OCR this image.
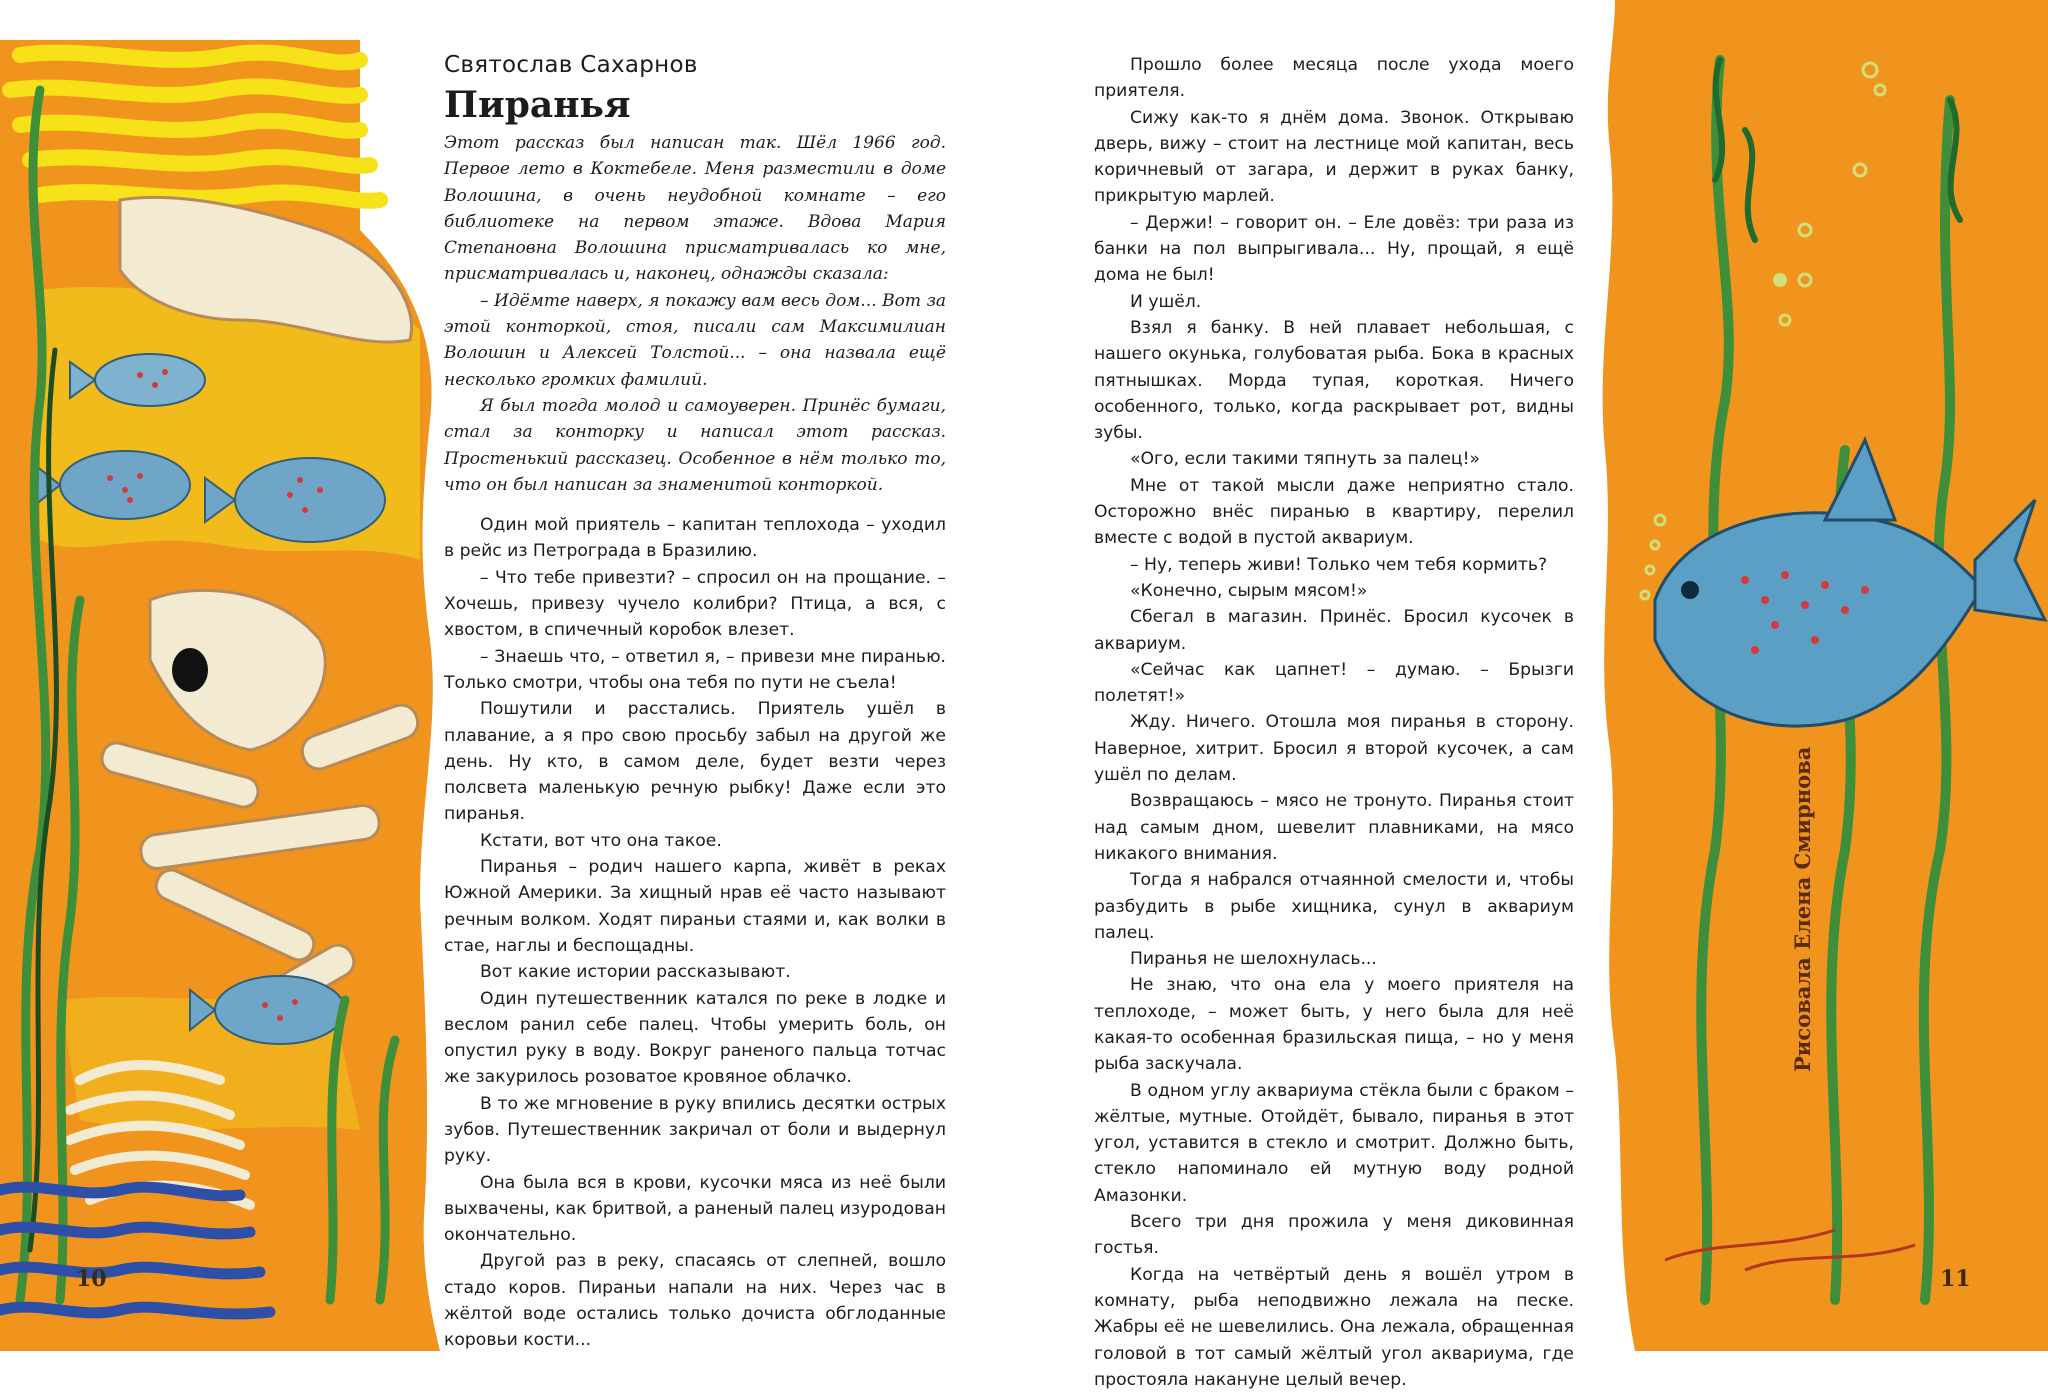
Святослав Сахарнов
Пиранья

Этот рассказ был написан так. Шёл 1966 год. Первое лето в Коктебеле. Меня разместили в доме Волошина, в очень неудобной комнате – его библиотеке на первом этаже. Вдова Мария Степановна Волошина присматривалась ко мне, присматривалась и, наконец, однажды сказала:

– Идёмте наверх, я покажу вам весь дом... Вот за этой конторкой, стоя, писали сам Максимилиан Волошин и Алексей Толстой... – она назвала ещё несколько громких фамилий.

Я был тогда молод и самоуверен. Принёс бумаги, стал за конторку и написал этот рассказ. Простенький рассказец. Особенное в нём только то, что он был написан за знаменитой конторкой.

Один мой приятель – капитан теплохода – уходил в рейс из Петрограда в Бразилию.

– Что тебе привезти? – спросил он на прощание. – Хочешь, привезу чучело колибри? Птица, а вся, с хвостом, в спичечный коробок влезет.

– Знаешь что, – ответил я, – привези мне пиранью. Только смотри, чтобы она тебя по пути не съела!

Пошутили и расстались. Приятель ушёл в плавание, а я про свою просьбу забыл на другой же день. Ну кто, в самом деле, будет везти через полсвета маленькую речную рыбку! Даже если это пиранья.

Кстати, вот что она такое.

Пиранья – родич нашего карпа, живёт в реках Южной Америки. За хищный нрав её часто называют речным волком. Ходят пираньи стаями и, как волки в стае, наглы и беспощадны.

Вот какие истории рассказывают.

Один путешественник катался по реке в лодке и веслом ранил себе палец. Чтобы умерить боль, он опустил руку в воду. Вокруг раненого пальца тотчас же закурилось розоватое кровяное облачко.

В то же мгновение в руку впились десятки острых зубов. Путешественник закричал от боли и выдернул руку.

Она была вся в крови, кусочки мяса из неё были выхвачены, как бритвой, а раненый палец изуродован окончательно.

Другой раз в реку, спасаясь от слепней, вошло стадо коров. Пираньи напали на них. Через час в жёлтой воде остались только дочиста обглоданные коровьи кости...

Прошло более месяца после ухода моего приятеля.

Сижу как-то я днём дома. Звонок. Открываю дверь, вижу – стоит на лестнице мой капитан, весь коричневый от загара, и держит в руках банку, прикрытую марлей.

– Держи! – говорит он. – Еле довёз: три раза из банки на пол выпрыгивала... Ну, прощай, я ещё дома не был!

И ушёл.

Взял я банку. В ней плавает небольшая, с нашего окунька, голубоватая рыба. Бока в красных пятнышках. Морда тупая, короткая. Ничего особенного, только, когда раскрывает рот, видны зубы.

«Ого, если такими тяпнуть за палец!»

Мне от такой мысли даже неприятно стало. Осторожно внёс пиранью в квартиру, перелил вместе с водой в пустой аквариум.

– Ну, теперь живи! Только чем тебя кормить?

«Конечно, сырым мясом!»

Сбегал в магазин. Принёс. Бросил кусочек в аквариум.

«Сейчас как цапнет! – думаю. – Брызги полетят!»

Жду. Ничего. Отошла моя пиранья в сторону. Наверное, хитрит. Бросил я второй кусочек, а сам ушёл по делам.

Возвращаюсь – мясо не тронуто. Пиранья стоит над самым дном, шевелит плавниками, на мясо никакого внимания.

Тогда я набрался отчаянной смелости и, чтобы разбудить в рыбе хищника, сунул в аквариум палец.

Пиранья не шелохнулась...

Не знаю, что она ела у моего приятеля на теплоходе, – может быть, у него была для неё какая-то особенная бразильская пища, – но у меня рыба заскучала.

В одном углу аквариума стёкла были с браком – жёлтые, мутные. Отойдёт, бывало, пиранья в этот угол, уставится в стекло и смотрит. Должно быть, стекло напоминало ей мутную воду родной Амазонки.

Всего три дня прожила у меня диковинная гостья.

Когда на четвёртый день я вошёл утром в комнату, рыба неподвижно лежала на песке. Жабры её не шевелились. Она лежала, обращенная головой в тот самый жёлтый угол аквариума, где простояла накануне целый вечер.

10	11
Рисовала Елена Смирнова
